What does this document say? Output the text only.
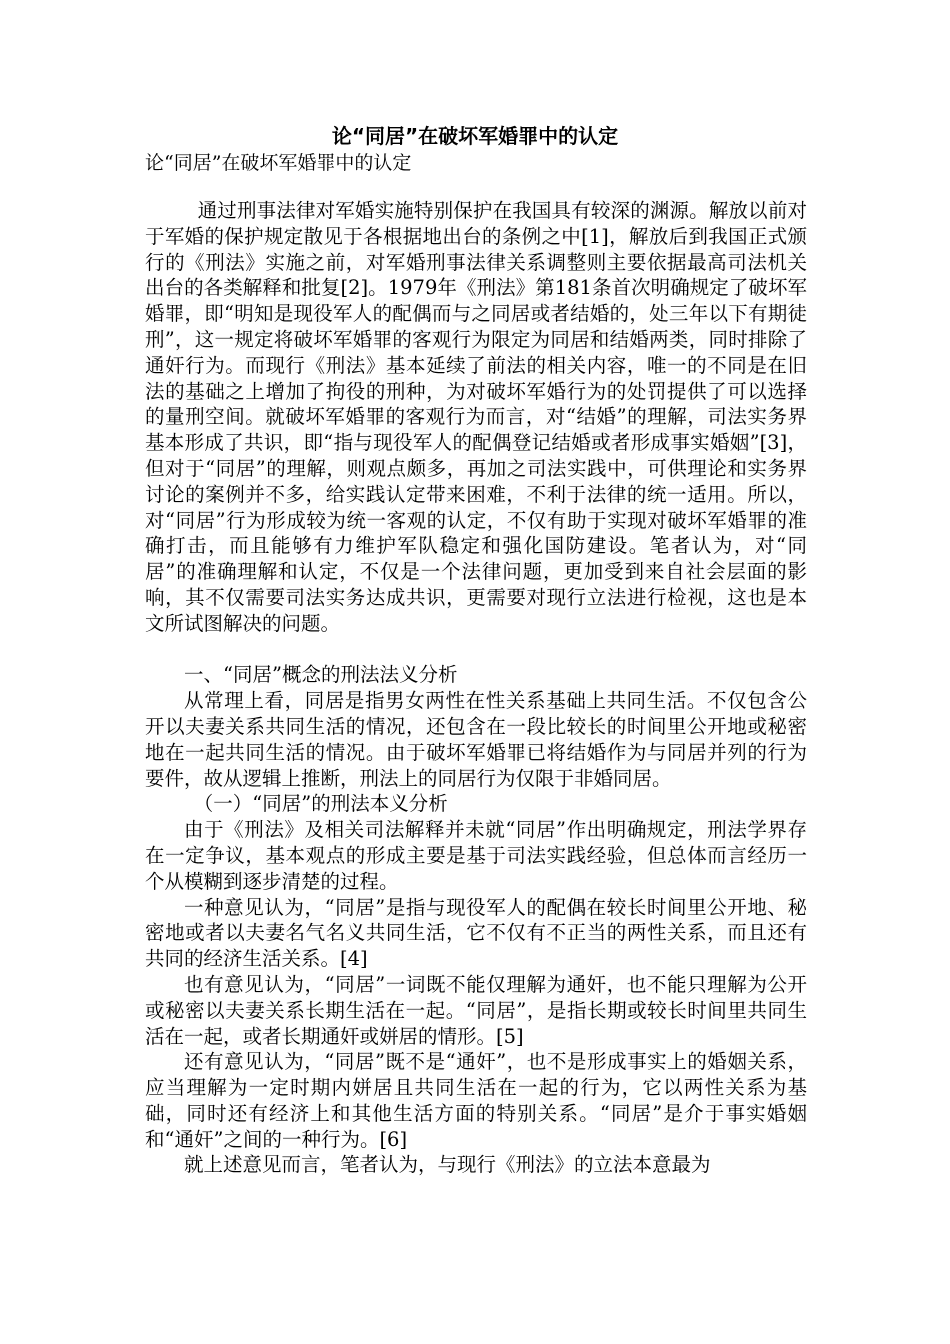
论“同居”在破坏军婚罪中的认定
论“同居”在破坏军婚罪中的认定

通过刑事法律对军婚实施特别保护在我国具有较深的渊源。解放以前对于军婚的保护规定散见于各根据地出台的条例之中[1]，解放后到我国正式颁行的《刑法》实施之前，对军婚刑事法律关系调整则主要依据最高司法机关出台的各类解释和批复[2]。1979年《刑法》第181条首次明确规定了破坏军婚罪，即“明知是现役军人的配偶而与之同居或者结婚的，处三年以下有期徒刑”，这一规定将破坏军婚罪的客观行为限定为同居和结婚两类，同时排除了通奸行为。而现行《刑法》基本延续了前法的相关内容，唯一的不同是在旧法的基础之上增加了拘役的刑种，为对破坏军婚行为的处罚提供了可以选择的量刑空间。就破坏军婚罪的客观行为而言，对“结婚”的理解，司法实务界基本形成了共识，即“指与现役军人的配偶登记结婚或者形成事实婚姻”[3]，但对于“同居”的理解，则观点颇多，再加之司法实践中，可供理论和实务界讨论的案例并不多，给实践认定带来困难，不利于法律的统一适用。所以，对“同居”行为形成较为统一客观的认定，不仅有助于实现对破坏军婚罪的准确打击，而且能够有力维护军队稳定和强化国防建设。笔者认为，对“同居”的准确理解和认定，不仅是一个法律问题，更加受到来自社会层面的影响，其不仅需要司法实务达成共识，更需要对现行立法进行检视，这也是本文所试图解决的问题。

一、“同居”概念的刑法法义分析

从常理上看，同居是指男女两性在性关系基础上共同生活。不仅包含公开以夫妻关系共同生活的情况，还包含在一段比较长的时间里公开地或秘密地在一起共同生活的情况。由于破坏军婚罪已将结婚作为与同居并列的行为要件，故从逻辑上推断，刑法上的同居行为仅限于非婚同居。

（一）“同居”的刑法本义分析

由于《刑法》及相关司法解释并未就“同居”作出明确规定，刑法学界存在一定争议，基本观点的形成主要是基于司法实践经验，但总体而言经历一个从模糊到逐步清楚的过程。

一种意见认为，“同居”是指与现役军人的配偶在较长时间里公开地、秘密地或者以夫妻名气名义共同生活，它不仅有不正当的两性关系，而且还有共同的经济生活关系。[4]

也有意见认为，“同居”一词既不能仅理解为通奸，也不能只理解为公开或秘密以夫妻关系长期生活在一起。“同居”，是指长期或较长时间里共同生活在一起，或者长期通奸或姘居的情形。[5]

还有意见认为，“同居”既不是“通奸”，也不是形成事实上的婚姻关系，应当理解为一定时期内姘居且共同生活在一起的行为，它以两性关系为基础，同时还有经济上和其他生活方面的特别关系。“同居”是介于事实婚姻和“通奸”之间的一种行为。[6]

就上述意见而言，笔者认为，与现行《刑法》的立法本意最为
